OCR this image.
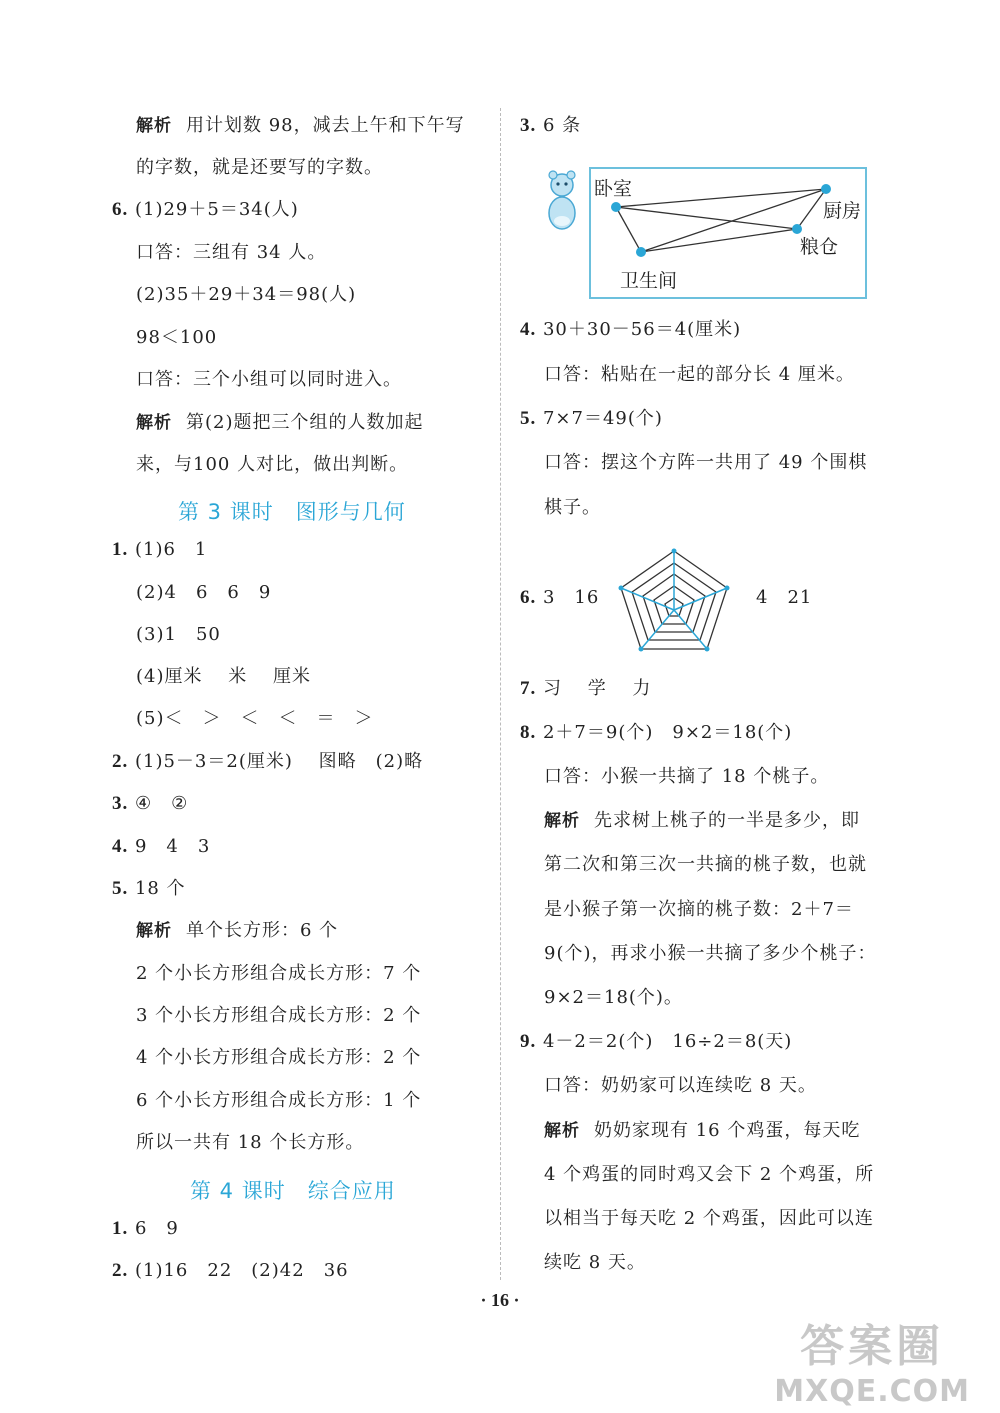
解析 用计划数 98，减去上午和下午写
的字数，就是还要写的字数。
6. (1)29＋5＝34(人)
口答：三组有 34 人。
(2)35＋29＋34＝98(人)
98＜100
口答：三个小组可以同时进入。
解析 第(2)题把三个组的人数加起
来，与100 人对比，做出判断。
第 3 课时　图形与几何
1. (1)6　1
(2)4　6　6　9
(3)1　50
(4)厘米　 米　 厘米
(5)＜　＞　＜　＜　＝　＞
2. (1)5－3＝2(厘米)　 图略　(2)略
3. ④　②
4. 9　4　3
5. 18 个
解析 单个长方形：6 个
2 个小长方形组合成长方形：7 个
3 个小长方形组合成长方形：2 个
4 个小长方形组合成长方形：2 个
6 个小长方形组合成长方形：1 个
所以一共有 18 个长方形。
第 4 课时　综合应用
1. 6　9
2. (1)16　22　(2)42　36
3. 6 条
卧室
厨房
粮仓
卫生间
4. 30＋30－56＝4(厘米)
口答：粘贴在一起的部分长 4 厘米。
5. 7×7＝49(个)
口答：摆这个方阵一共用了 49 个围棋
棋子。
6. 3　16	4　21
7. 习　 学　 力
8. 2＋7＝9(个)　9×2＝18(个)
口答：小猴一共摘了 18 个桃子。
解析 先求树上桃子的一半是多少，即
第二次和第三次一共摘的桃子数，也就
是小猴子第一次摘的桃子数：2＋7＝
9(个)，再求小猴一共摘了多少个桃子：
9×2＝18(个)。
9. 4－2＝2(个)　16÷2＝8(天)
口答：奶奶家可以连续吃 8 天。
解析 奶奶家现有 16 个鸡蛋，每天吃
4 个鸡蛋的同时鸡又会下 2 个鸡蛋，所
以相当于每天吃 2 个鸡蛋，因此可以连
续吃 8 天。
· 16 ·
答案圈
MXQE.COM
